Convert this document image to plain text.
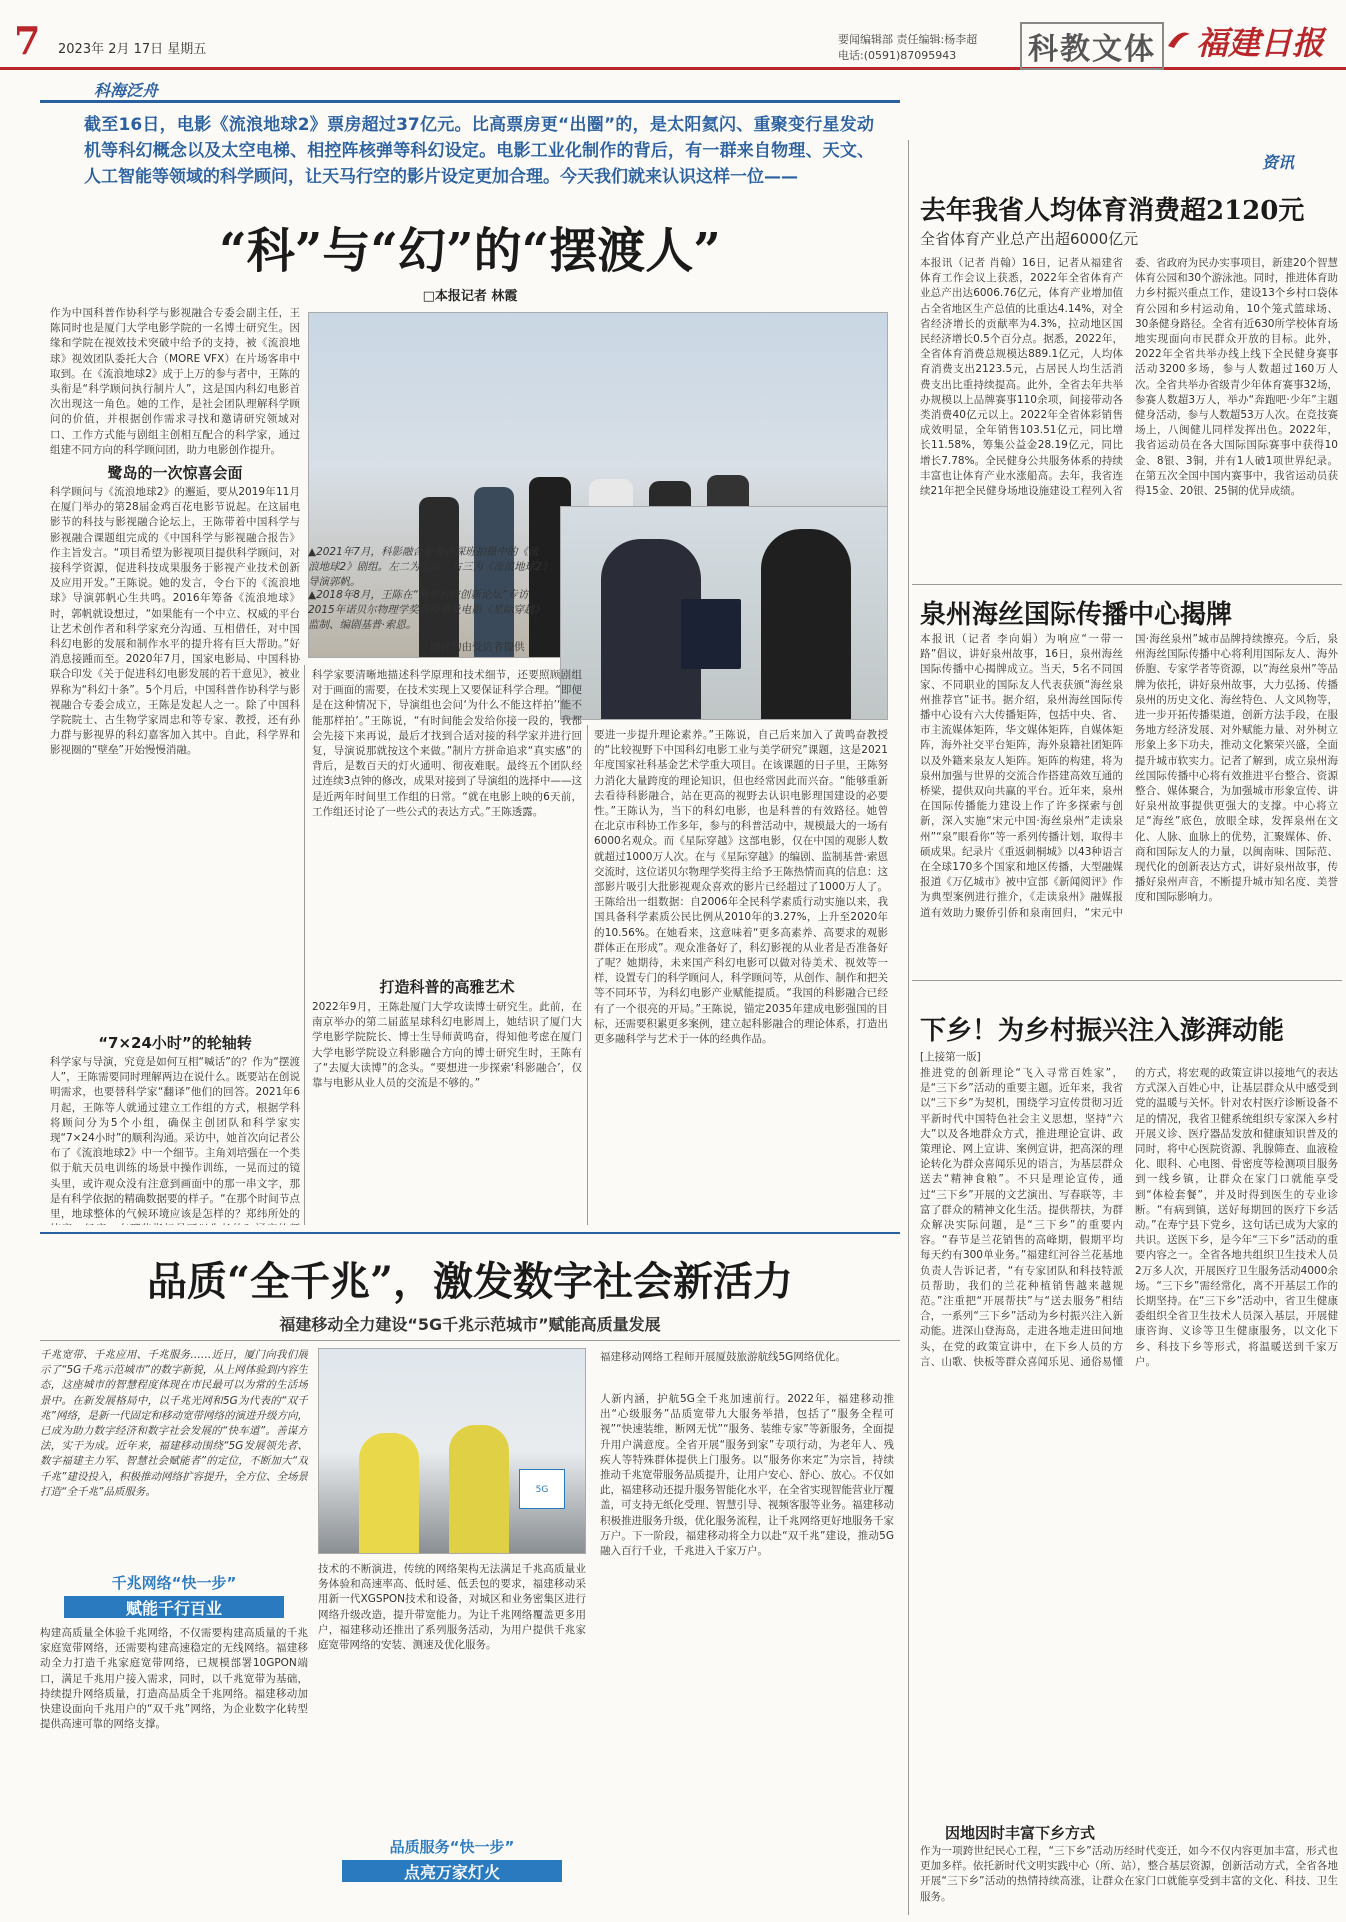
7 2023年 2月 17日 星期五
要闻编辑部 责任编辑:杨李超
电话:(0591)87095943	科教文体 福建日报
科海泛舟
截至16日，电影《流浪地球2》票房超过37亿元。比高票房更“出圈”的，是太阳氦闪、重聚变行星发动机等科幻概念以及太空电梯、相控阵核弹等科幻设定。电影工业化制作的背后，有一群来自物理、天文、人工智能等领域的科学顾问，让天马行空的影片设定更加合理。今天我们就来认识这样一位——
“科”与“幻”的“摆渡人”
□本报记者 林霞
作为中国科普作协科学与影视融合专委会副主任，王陈同时也是厦门大学电影学院的一名博士研究生。因缘和学院在视效技术突破中给予的支持，被《流浪地球》视效团队委托大合（MORE VFX）在片场客串中取到。在《流浪地球2》成于上万的参与者中，王陈的头衔是“科学顾问执行制片人”，这是国内科幻电影首次出现这一角色。她的工作，是社会团队理解科学顾问的价值，并根据创作需求寻找和邀请研究领域对口、工作方式能与剧组主创相互配合的科学家，通过组建不同方向的科学顾问团，助力电影创作提升。
▲2021年7月，科影融合专委会探班拍摄中的《流浪地球2》剧组。左二为王陈，右三为《流浪地球2》导演郭帆。
▲2018年8月，王陈在“世界科技创新论坛”专访2015年诺贝尔物理学奖获得者及电影《星际穿越》监制、编剧基普·索恩。
图片均由受访者提供
鹭岛的一次惊喜会面
科学顾问与《流浪地球2》的邂逅，要从2019年11月在厦门举办的第28届金鸡百花电影节说起。在这届电影节的科技与影视融合论坛上，王陈带着中国科学与影视融合课题组完成的《中国科学与影视融合报告》作主旨发言。“项目希望为影视项目提供科学顾问，对接科学资源，促进科技成果服务于影视产业技术创新及应用开发。”王陈说。她的发言，令台下的《流浪地球》导演郭帆心生共鸣。2016年筹备《流浪地球》时，郭帆就设想过，“如果能有一个中立、权威的平台让艺术创作者和科学家充分沟通、互相借任，对中国科幻电影的发展和制作水平的提升将有巨大帮助。”好消息接踵而至。2020年7月，国家电影局、中国科协联合印发《关于促进科幻电影发展的若干意见》，被业界称为“科幻十条”。5个月后，中国科普作协科学与影视融合专委会成立，王陈是发起人之一。除了中国科学院院士、古生物学家周忠和等专家、教授，还有孙力群与影视界的科幻嘉客加入其中。自此，科学界和影视圈的“壁垒”开始慢慢消融。
“7×24小时”的轮轴转
科学家与导演，究竟是如何互相“喊话”的？作为“摆渡人”，王陈需要同时理解两边在说什么。既要站在创说明需求，也要替科学家“翻译”他们的回答。2021年6月起，王陈等人就通过建立工作组的方式，根据学科将顾问分为5个小组，确保主创团队和科学家实现“7×24小时”的顺利沟通。采访中，她首次向记者公布了《流浪地球2》中一个细节。主角刘培强在一个类似于航天员电训练的场景中操作训练，一晃而过的镜头里，或许观众没有注意到画面中的那一串文字，那是有科学依据的精确数据要的样子。“在那个时间节点里，地球整体的气候环境应该是怎样的？郑纬所处的
科学家要清晰地描述科学原理和技术细节，还要照顾剧组对于画面的需要，在技术实现上又要保证科学合理。“即便是在这种情况下，导演组也会问‘为什么不能这样拍’‘能不能那样拍’。”王陈说，“有时间能会发给你接一段的，我都会先接下来再说，最后才找到合适对接的科学家并进行回复，导演说那就按这个来做。”制片方拼命追求“真实感”的背后，是数百天的灯火通明、彻夜难眠。最终五个团队经过连续3点钟的修改，成果对接到了导演组的选择中——这是近两年时间里工作组的日常。“就在电影上映的6天前，工作组还讨论了一些公式的表达方式。”王陈透露。
打造科普的高雅艺术
2022年9月，王陈赴厦门大学攻读博士研究生。此前，在南京举办的第二届蓝星球科幻电影周上，她结识了厦门大学电影学院院长、博士生导师黄鸣奋，得知他考虑在厦门大学电影学院设立科影融合方向的博士研究生时，王陈有了“去厦大读博”的念头。“要想进一步探索‘科影融合’，仅靠与电影从业人员的交流是不够的。”
要进一步提升理论素养。”王陈说，自己后来加入了黄鸣奋教授的“比较视野下中国科幻电影工业与美学研究”课题，这是2021年度国家社科基金艺术学重大项目。在该课题的日子里，王陈努力消化大量跨度的理论知识，但也经常因此而兴奋。“能够重新去看待科影融合，站在更高的视野去认识电影理国建设的必要性。”王陈认为，当下的科幻电影，也是科普的有效路径。她曾在北京市科协工作多年，参与的科普活动中，规模最大的一场有6000名观众。而《星际穿越》这部电影，仅在中国的观影人数就超过1000万人次。在与《星际穿越》的编剧、监制基普·索恩交流时，这位诺贝尔物理学奖得主给予王陈热情而真的信息：这部影片吸引大批影视观众喜欢的影片已经超过了1000万人了。王陈给出一组数据：自2006年全民科学素质行动实施以来，我国具备科学素质公民比例从2010年的3.27%，上升至2020年的10.56%。在她看来，这意味着“更多高素养、高要求的观影群体正在形成”。观众准备好了，科幻影视的从业者是否准备好了呢？她期待，未来国产科幻电影可以做对待美术、视效等一样，设置专门的科学顾问人，科学顾问等，从创作、制作和把关等不同环节，为科幻电影产业赋能提质。“我国的科影融合已经有了一个很亮的开局。”王陈说，锚定2035年建成电影强国的目标，还需要积累更多案例，建立起科影融合的理论体系，打造出更多融科学与艺术于一体的经典作品。
资讯
去年我省人均体育消费超2120元
全省体育产业总产出超6000亿元
本报讯（记者 肖翰）16日，记者从福建省体育工作会议上获悉，2022年全省体育产业总产出达6006.76亿元，体育产业增加值占全省地区生产总值的比重达4.14%，对全省经济增长的贡献率为4.3%，拉动地区国民经济增长0.5个百分点。据悉，2022年，全省体育消费总规模达889.1亿元，人均体育消费支出2123.5元，占居民人均生活消费支出比重持续提高。此外，全省去年共举办规模以上品牌赛事110余项，间接带动各类消费40亿元以上。2022年全省体彩销售成效明显，全年销售103.51亿元，同比增长11.58%，筹集公益金28.19亿元，同比增长7.78%。全民健身公共服务体系的持续丰富也让体育产业水涨船高。去年，我省连续21年把全民健身场地设施建设工程列入省委、省政府为民办实事项目，新建20个智慧体育公园和30个游泳池。同时，推进体育助力乡村振兴重点工作，建设13个乡村口袋体育公园和乡村运动角，10个笼式篮球场、30条健身路径。全省有近630所学校体育场地实现面向市民群众开放的目标。此外，2022年全省共举办线上线下全民健身赛事活动3200多场，参与人数超过160万人次。全省共举办省级青少年体育赛事32场，参赛人数超3万人，举办“奔跑吧·少年”主题健身活动，参与人数超53万人次。在竞技赛场上，八闽健儿同样发挥出色。2022年，我省运动员在各大国际国际赛事中获得10金、8银、3铜，并有1人破1项世界纪录。在第五次全国中国内赛事中，我省运动员获得15金、20银、25铜的优异成绩。
泉州海丝国际传播中心揭牌
本报讯（记者 李向娟）为响应“一带一路”倡议，讲好泉州故事，16日，泉州海丝国际传播中心揭牌成立。当天，5名不同国家、不同职业的国际友人代表获颁“海丝泉州推荐官”证书。据介绍，泉州海丝国际传播中心设有六大传播矩阵，包括中央、省、市主流媒体矩阵，华文媒体矩阵，自媒体矩阵，海外社交平台矩阵，海外泉籍社团矩阵以及外籍来泉友人矩阵。矩阵的构建，将为泉州加强与世界的交流合作搭建高效互通的桥梁，提供双向共赢的平台。近年来，泉州在国际传播能力建设上作了许多探索与创新，深入实施“宋元中国·海丝泉州”走读泉州”“泉”眼看你“等一系列传播计划，取得丰硕成果。纪录片《重返刺桐城》以43种语言在全球170多个国家和地区传播，大型融媒报道《万亿城市》被中宣部《新闻阅评》作为典型案例进行推介，《走读泉州》融媒报道有效助力聚侨引侨和泉南回归，“宋元中国·海丝泉州”城市品牌持续擦亮。今后，泉州海丝国际传播中心将利用国际友人、海外侨胞、专家学者等资源，以“海丝泉州”等品牌为依托，讲好泉州故事，大力弘扬、传播泉州的历史文化、海丝特色、人文风物等，进一步开拓传播渠道，创新方法手段，在服务地方经济发展、对外赋能力量、对外树立形象上多下功夫，推动文化繁荣兴盛，全面提升城市软实力。记者了解到，成立泉州海丝国际传播中心将有效推进平台整合、资源整合、媒体聚合，为加强城市形象宣传、讲好泉州故事提供更强大的支撑。中心将立足“海丝”底色，放眼全球，发挥泉州在文化、人脉、血脉上的优势，汇聚媒体、侨、商和国际友人的力量，以闽南味、国际范、现代化的创新表达方式，讲好泉州故事，传播好泉州声音，不断提升城市知名度、美誉度和国际影响力。
下乡！为乡村振兴注入澎湃动能
[上接第一版]
推进党的创新理论“飞入寻常百姓家”，是“三下乡”活动的重要主题。近年来，我省以“三下乡”为契机，围绕学习宣传贯彻习近平新时代中国特色社会主义思想，坚持“六大”以及各地群众方式，推进理论宣讲、政策理论、网上宣讲、案例宣讲，把高深的理论转化为群众喜闻乐见的语言，为基层群众送去“精神食粮”。不只是理论宣传，通过“三下乡”开展的文艺演出、写春联等，丰富了群众的精神文化生活。提供帮扶，为群众解决实际问题，是“三下乡”的重要内容。“春节是兰花销售的高峰期，假期平均每天约有300单业务。”福建红河谷兰花基地负责人告诉记者，“有专家团队和科技特派员帮助，我们的兰花种植销售越来越规范。”注重把“开展帮扶”与“送去服务”相结合，一系列“三下乡”活动为乡村振兴注入新动能。进深山登海岛，走进各地走进田间地头，在党的政策宣讲中，在下乡人员的方言、山歌、快板等群众喜闻乐见、通俗易懂的方式，将宏观的政策宣讲以接地气的表达方式深入百姓心中，让基层群众从中感受到党的温暖与关怀。针对农村医疗诊断设备不足的情况，我省卫健系统组织专家深入乡村开展义诊、医疗器品发放和健康知识普及的同时，将中心医院资源、乳腺筛查、血液检化、眼科、心电图、骨密度等检测项目服务到一线乡镇，让群众在家门口就能享受到“体检套餐”，并及时得到医生的专业诊断。“有病到镇，送好每期回的医疗下乡活动。”在寿宁县下党乡，这句话已成为大家的共识。送医下乡，是今年“三下乡”活动的重要内容之一。全省各地共组织卫生技术人员2万多人次，开展医疗卫生服务活动4000余场。“三下乡”需经常化，离不开基层工作的长期坚持。在“三下乡”活动中，省卫生健康委组织全省卫生技术人员深入基层，开展健康咨询、义诊等卫生健康服务，以文化下乡、科技下乡等形式，将温暖送到千家万户。
因地因时丰富下乡方式
作为一项跨世纪民心工程，“三下乡”活动历经时代变迁，如今不仅内容更加丰富，形式也更加多样。依托新时代文明实践中心（所、站），整合基层资源，创新活动方式，全省各地开展“三下乡”活动的热情持续高涨，让群众在家门口就能享受到丰富的文化、科技、卫生服务。
品质“全千兆”，激发数字社会新活力
福建移动全力建设“5G千兆示范城市”赋能高质量发展
千兆宽带、千兆应用、千兆服务……近日，厦门向我们展示了“5G千兆示范城市”的数字新貌，从上网体验到内容生态，这座城市的智慧程度体现在市民最可以为常的生活场景中。在新发展格局中，以千兆光网和5G为代表的“双千兆”网络，是新一代固定和移动宽带网络的演进升级方向，已成为助力数字经济和数字社会发展的“快车道”。善谋方法，实干为成。近年来，福建移动围绕“5G发展领先者、数字福建主力军、智慧社会赋能者”的定位，不断加大“双千兆”建设投入，积极推动网络扩容提升，全方位、全场景打造“全千兆”品质服务。
千兆网络“快一步”
赋能千行百业
构建高质量全体验千兆网络，不仅需要构建高质量的千兆家庭宽带网络，还需要构建高速稳定的无线网络。福建移动全力打造千兆家庭宽带网络，已规模部署10GPON端口，满足千兆用户接入需求，同时，以千兆宽带为基础，持续提升网络质量，打造高品质全千兆网络。福建移动加快建设面向千兆用户的“双千兆”网络，为企业数字化转型提供高速可靠的网络支撑。
5G
福建移动网络工程师开展厦鼓旅游航线5G网络优化。
技术的不断演进，传统的网络架构无法满足千兆高质量业务体验和高速率高、低时延、低丢包的要求，福建移动采用新一代XGSPON技术和设备，对城区和业务密集区进行网络升级改造，提升带宽能力。为让千兆网络覆盖更多用户，福建移动还推出了系列服务活动，为用户提供千兆家庭宽带网络的安装、测速及优化服务。
品质服务“快一步”
点亮万家灯火
人新内涵，护航5G全千兆加速前行。2022年，福建移动推出“心级服务”品质宽带九大服务举措，包括了“服务全程可视”“快速装维，断网无忧”“服务、装维专家”等新服务，全面提升用户满意度。全省开展“服务到家”专项行动，为老年人、残疾人等特殊群体提供上门服务。以“服务你来定”为宗旨，持续推动千兆宽带服务品质提升，让用户安心、舒心、放心。不仅如此，福建移动还提升服务智能化水平，在全省实现智能营业厅覆盖，可支持无纸化受理、智慧引导、视频客服等业务。福建移动积极推进服务升级，优化服务流程，让千兆网络更好地服务千家万户。下一阶段，福建移动将全力以赴“双千兆”建设，推动5G融入百行千业，千兆进入千家万户。
